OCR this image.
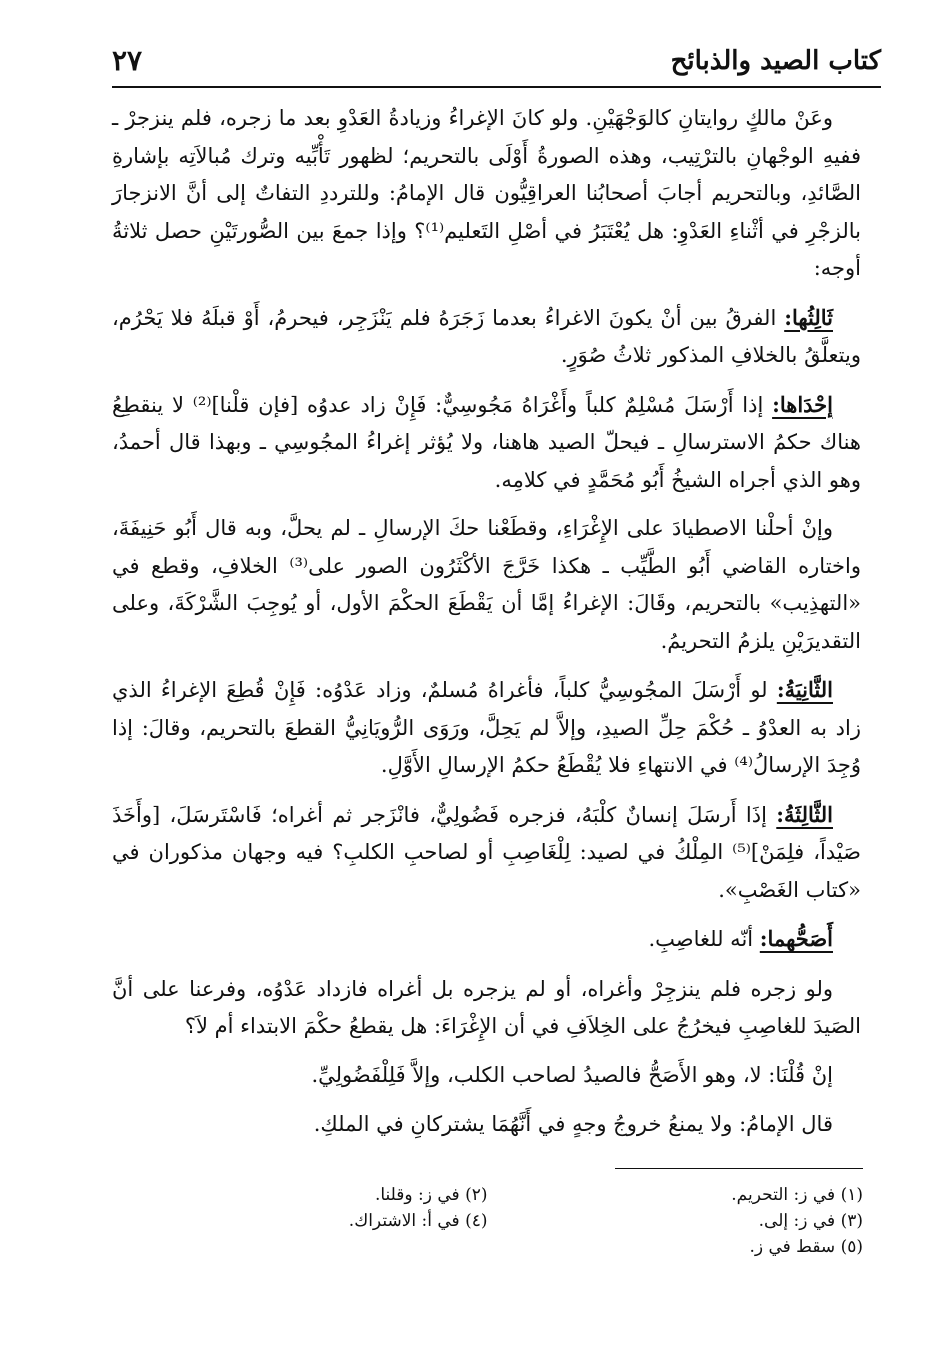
كتاب الصيد والذبائح
٢٧

وعَنْ مالكٍ روايتانِ كالوَجْهَيْنِ. ولو كانَ الإغراءُ وزيادةُ العَدْوِ بعد ما زجره، فلم ينزجرْ ـ ففيهِ الوجْهانِ بالترْتِيب، وهذه الصورةُ أَوْلَى بالتحريم؛ لظهور تَأْبِّيه وترك مُبالاَتِه بإشارةِ الصَّائدِ، وبالتحريم أجابَ أصحابُنا العراقِيُّون قال الإمامُ: وللترددِ التفاتٌ إلى أنَّ الانزجارَ بالزجْرِ في أثْناءِ العَدْوِ: هل يُعْتَبَرُ في أصْلِ التَعليم⁽¹⁾؟ وإذا جمعَ بين الصُّورتَيْنِ حصل ثلاثةُ أوجه:

ثَالِثُها: الفرقُ بين أنْ يكونَ الاغراءُ بعدما زَجَرَهُ فلم يَنْزَجِر، فيحرمُ، أَوْ قبلَهُ فلا يَحْرُم، ويتعلَّقُ بالخلافِ المذكور ثلاثُ صُوَرٍ.

إحْدَاها: إذا أَرْسَلَ مُسْلِمٌ كلباً وأَغْرَاهُ مَجُوسِيٌّ: فَإِنْ زاد عدوُه [فإن قلْنا]⁽²⁾ لا ينقطِعُ هناك حكمُ الاسترسالِ ـ فيحلّ الصيد هاهنا، ولا يُؤثر إغراءُ المجُوسِي ـ وبهذا قال أحمدُ، وهو الذي أجراه الشيخُ أَبُو مُحَمَّدٍ في كلامِه.

وإنْ أحلْنا الاصطيادَ على الإِغْرَاءِ، وقطَعْنا حكَ الإرسالِ ـ لم يحلَّ، وبه قال أَبُو حَنِيفَةَ، واختاره القاضي أَبُو الطَّيِّب ـ هكذا خَرَّجَ الأكْثَرُون الصور على⁽³⁾ الخلافِ، وقطع في «التهذِيب» بالتحريم، وقَالَ: الإغراءُ إمَّا أن يَقْطَعَ الحكْمَ الأول، أو يُوجِبَ الشَّرْكَةَ، وعلى التقديرَيْنِ يلزمُ التحريمُ.

الثَّانِيَةُ: لو أَرْسَلَ المجُوسِيُّ كلباً، فأغراهُ مُسلمٌ، وزاد عَدْوُه: فَإِنْ قُطِعَ الإغراءُ الذي زاد به العدْوُ ـ حُكْمَ حِلِّ الصيدِ، وإلاَّ لم يَحِلَّ، ورَوَى الرُّويَانِيُّ القطعَ بالتحريم، وقالَ: إذا وُجِدَ الإرسالُ⁽⁴⁾ في الانتهاءِ فلا يُقْطَعُ حكمُ الإرسالِ الأَوَّلِ.

الثَّالِثَةُ: إذَا أَرسَلَ إنسانٌ كلْبَهُ، فزجره فَضُولِيٌّ، فانْزَجر ثم أغراه؛ فَاسْتَرسَلَ، [وأَخَذَ صَيْداً، فلِمَنْ]⁽⁵⁾ المِلْكُ في لصيد: لِلْغَاصِبِ أو لصاحبِ الكلبِ؟ فيه وجهان مذكوران في «كتاب الغَصْبِ».

أَصَحُّهما: أنّه للغاصِبِ.

ولو زجره فلم ينزجِرْ وأغراه، أو لم يزجره بل أغراه فازداد عَدْوُه، وفرعنا على أنَّ الصَيدَ للغاصِبِ فيخرُجُ على الخِلاَفِ في أن الإِغْرَاءَ: هل يقطعُ حكْمَ الابتداء أم لاَ؟

إنْ قُلْنَا: لا، وهو الأَصَحُّ فالصيدُ لصاحب الكلب، وإلاَّ فَلِلْفَضُولِيِّ.

قال الإمامُ: ولا يمنعُ خروجُ وجهٍ في أَنَّهُمَا يشتركانِ في الملكِ.

(١) في ز: التحريم.
(٢) في ز: وقلنا.
(٣) في ز: إلى.
(٤) في أ: الاشتراك.
(٥) سقط في ز.
